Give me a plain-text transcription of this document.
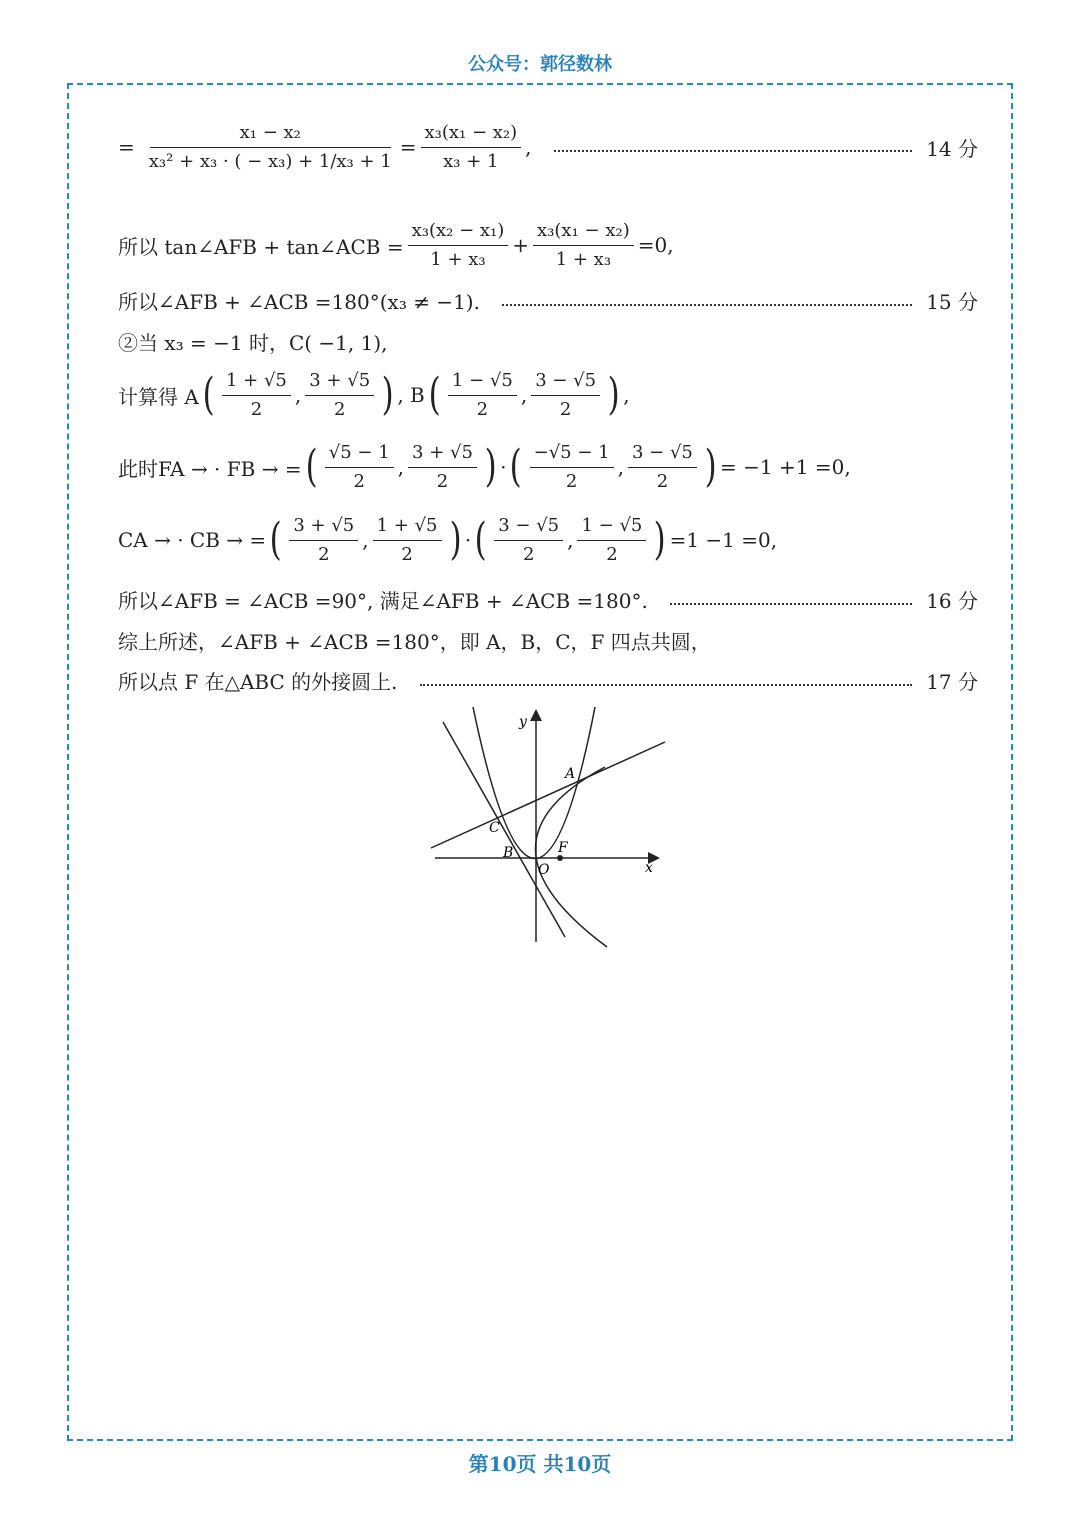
公众号：郭径数林
= $\frac{\text{x₁ − x₂}}{\text{x₃² + x₃ · ( − x₃) + 1/x₃ + 1}} = \frac{\text{x₃(x₁ − x₂)}}{\text{x₃ + 1}}$ ,	14 分
所以 tan∠AFB + tan∠ACB = $\frac{\text{x₃(x₂ − x₁)}}{\text{1 + x₃}} + \frac{\text{x₃(x₁ − x₂)}}{\text{1 + x₃}} =0$,
所以∠AFB + ∠ACB =180°(x₃ ≠ −1).	15 分
②当 x₃ = −1 时，C( −1, 1),
计算得 A ( $\frac{1 + √5}{2}$ , $\frac{3 + √5}{2}$ ) , B ( $\frac{1 - √5}{2}$ , $\frac{3 - √5}{2}$ ) ,
此时FA → · FB → = ( $\frac{√5 - 1}{2}$ , $\frac{3 + √5}{2}$ ) · ( $\frac{-√5 - 1}{2}$ , $\frac{3 - √5}{2}$ ) = −1 +1 =0,
CA → · CB → = ( $\frac{3 + √5}{2}$ , $\frac{1 + √5}{2}$ ) · ( $\frac{3 - √5}{2}$ , $\frac{1 - √5}{2}$ ) =1 −1 =0,
所以∠AFB = ∠ACB =90°, 满足∠AFB + ∠ACB =180°.	16 分
综上所述，∠AFB + ∠ACB =180°，即 A，B，C，F 四点共圆，
所以点 F 在△ABC 的外接圆上.	17 分
y
x
A
B
C
F
O
第10页 共10页
